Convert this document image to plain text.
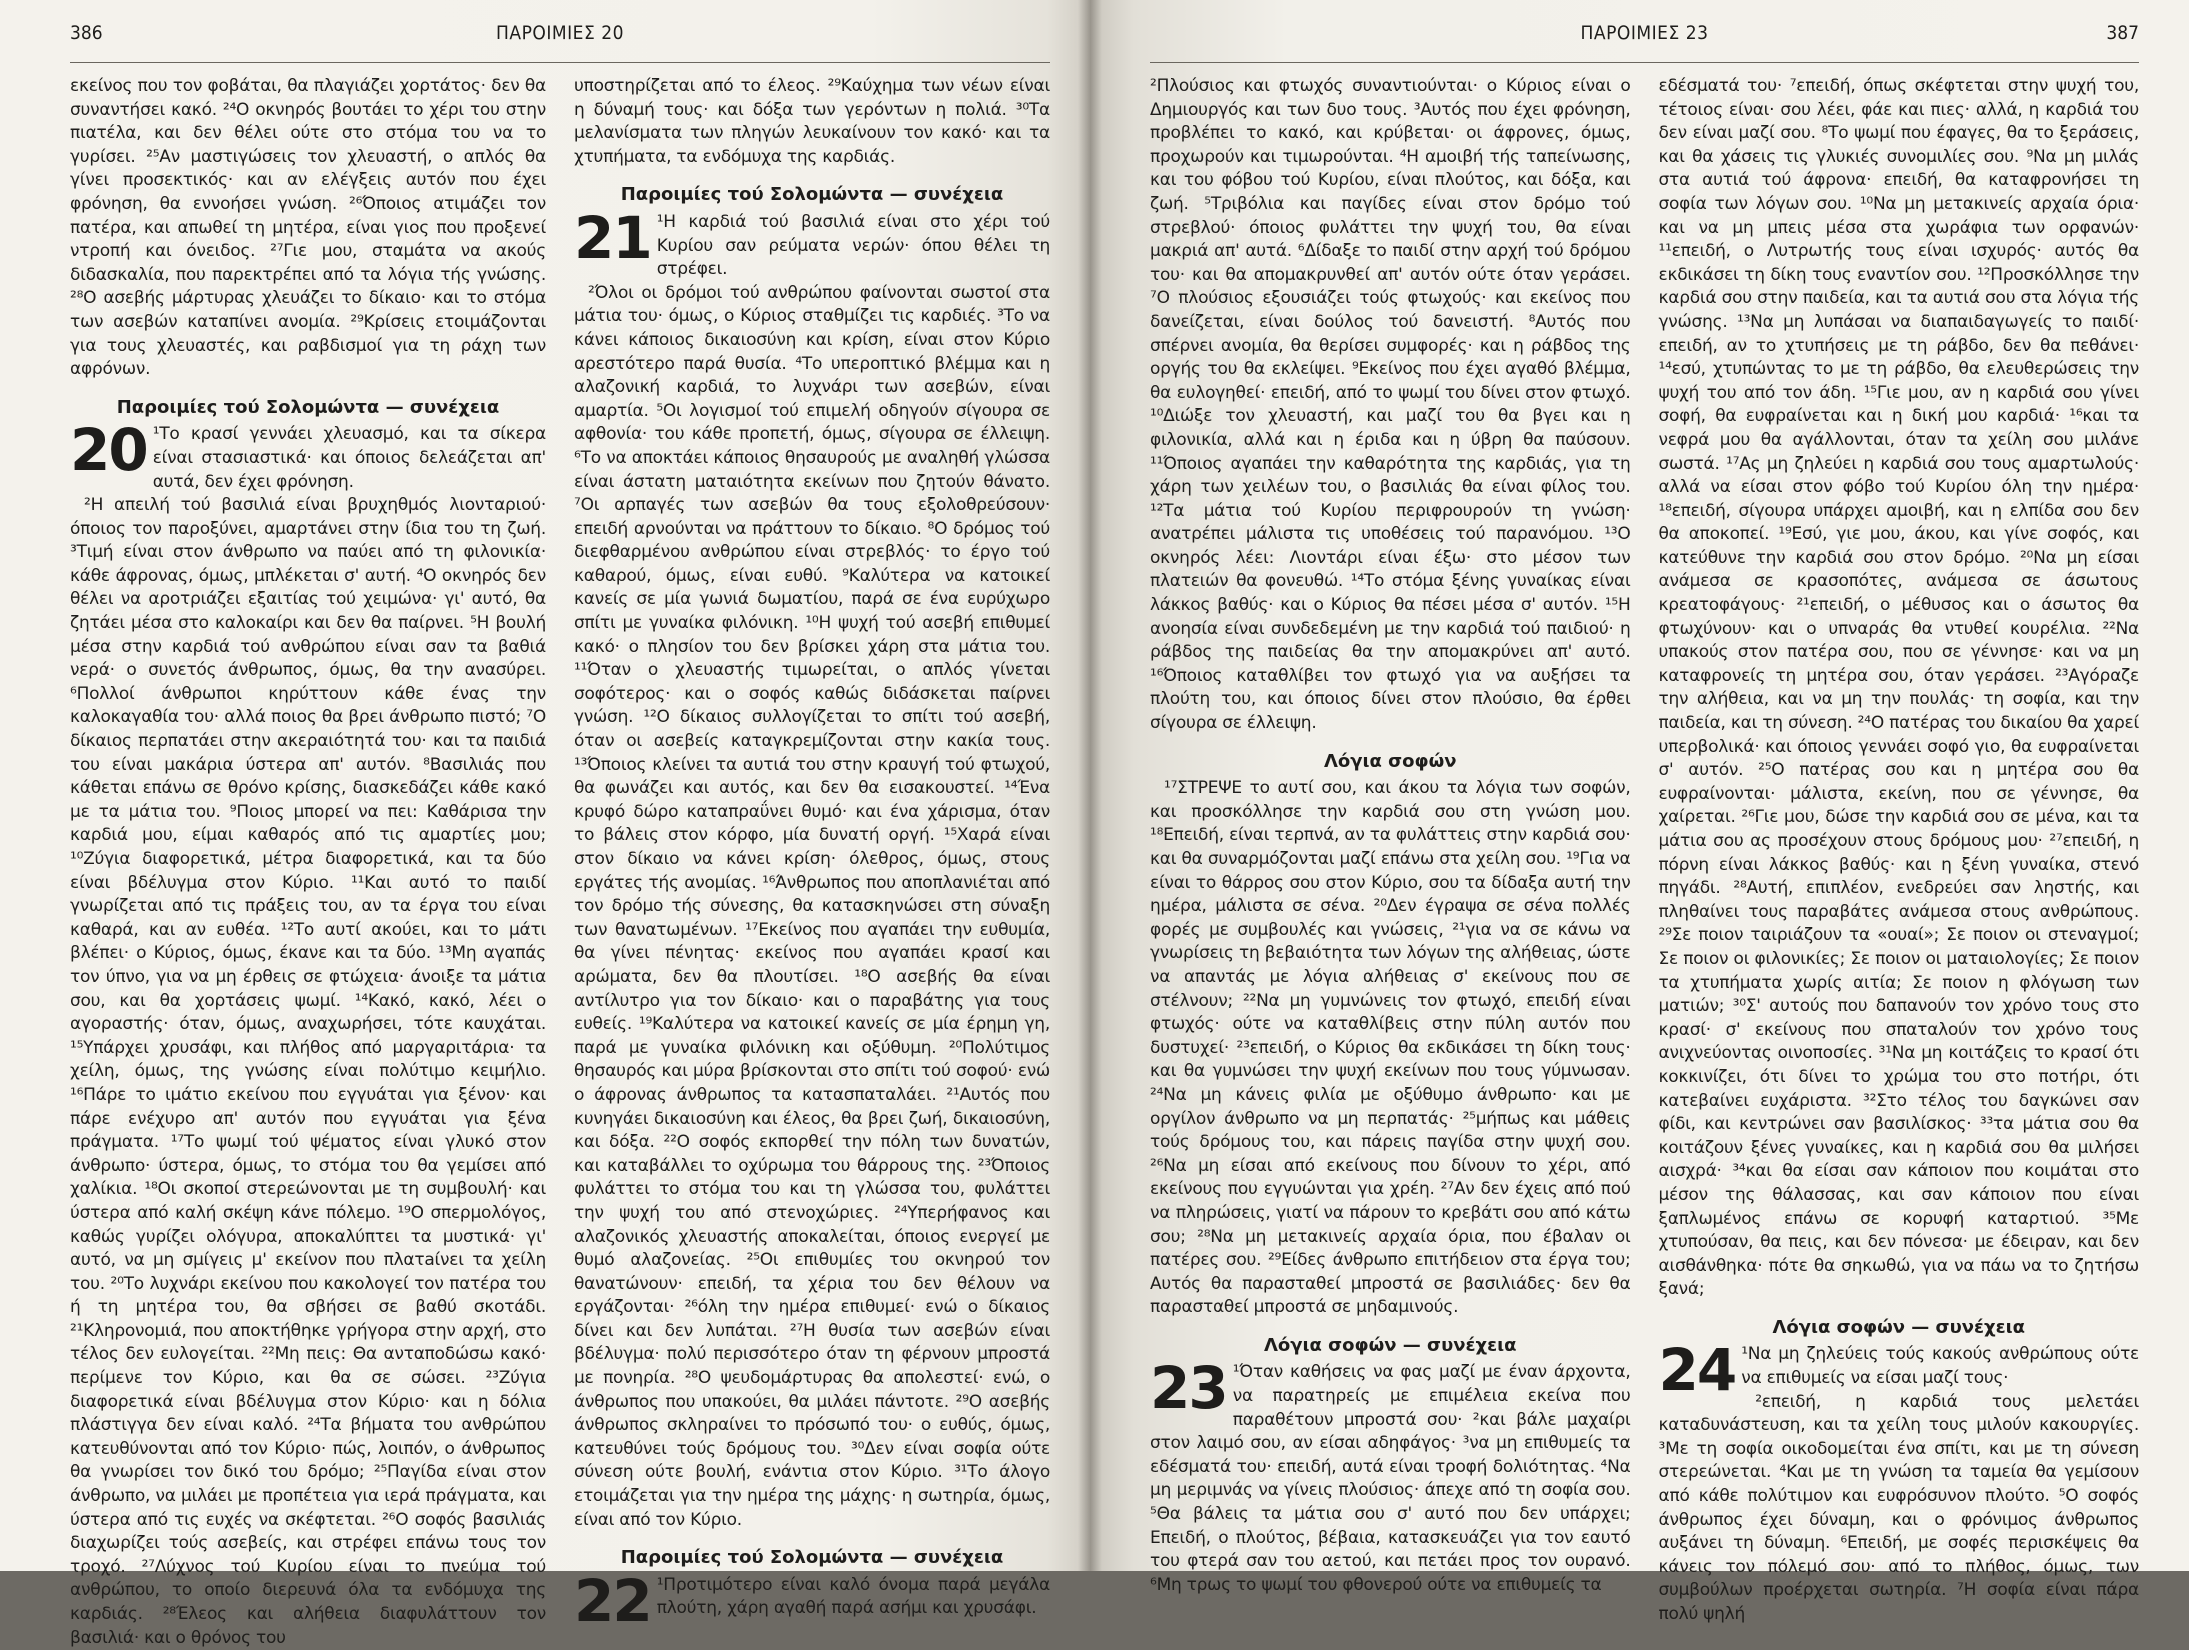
386	ΠΑΡΟΙΜΙΕΣ 20

εκείνος που τον φοβάται, θα πλαγιάζει χορτάτος· δεν θα συναντήσει κακό. ²⁴Ο οκνηρός βουτάει το χέρι του στην πιατέλα, και δεν θέλει ούτε στο στόμα του να το γυρίσει. ²⁵Αν μαστιγώσεις τον χλευαστή, ο απλός θα γίνει προσεκτικός· και αν ελέγξεις αυτόν που έχει φρόνηση, θα εννοήσει γνώση. ²⁶Όποιος ατιμάζει τον πατέρα, και απωθεί τη μητέρα, είναι γιος που προξενεί ντροπή και όνειδος. ²⁷Γιε μου, σταμάτα να ακούς διδασκαλία, που παρεκτρέπει από τα λόγια τής γνώσης. ²⁸Ο ασεβής μάρτυρας χλευάζει το δίκαιο· και το στόμα των ασεβών καταπίνει ανομία. ²⁹Κρίσεις ετοιμάζονται για τους χλευαστές, και ραβδισμοί για τη ράχη των αφρόνων.

Παροιμίες τού Σολομώντα — συνέχεια

20 ¹Το κρασί γεννάει χλευασμό, και τα σίκερα είναι στασιαστικά· και όποιος δελεάζεται απ' αυτά, δεν έχει φρόνηση.

²Η απειλή τού βασιλιά είναι βρυχηθμός λιονταριού· όποιος τον παροξύνει, αμαρτάνει στην ίδια του τη ζωή. ³Τιμή είναι στον άνθρωπο να παύει από τη φιλονικία· κάθε άφρονας, όμως, μπλέκεται σ' αυτή. ⁴Ο οκνηρός δεν θέλει να αροτριάζει εξαιτίας τού χειμώνα· γι' αυτό, θα ζητάει μέσα στο καλοκαίρι και δεν θα παίρνει. ⁵Η βουλή μέσα στην καρδιά τού ανθρώπου είναι σαν τα βαθιά νερά· ο συνετός άνθρωπος, όμως, θα την ανασύρει. ⁶Πολλοί άνθρωποι κηρύττουν κάθε ένας την καλοκαγαθία του· αλλά ποιος θα βρει άνθρωπο πιστό; ⁷Ο δίκαιος περπατάει στην ακεραιότητά του· και τα παιδιά του είναι μακάρια ύστερα απ' αυτόν. ⁸Βασιλιάς που κάθεται επάνω σε θρόνο κρίσης, διασκεδάζει κάθε κακό με τα μάτια του. ⁹Ποιος μπορεί να πει: Καθάρισα την καρδιά μου, είμαι καθαρός από τις αμαρτίες μου; ¹⁰Ζύγια διαφορετικά, μέτρα διαφορετικά, και τα δύο είναι βδέλυγμα στον Κύριο. ¹¹Και αυτό το παιδί γνωρίζεται από τις πράξεις του, αν τα έργα του είναι καθαρά, και αν ευθέα. ¹²Το αυτί ακούει, και το μάτι βλέπει· ο Κύριος, όμως, έκανε και τα δύο. ¹³Μη αγαπάς τον ύπνο, για να μη έρθεις σε φτώχεια· άνοιξε τα μάτια σου, και θα χορτάσεις ψωμί. ¹⁴Κακό, κακό, λέει ο αγοραστής· όταν, όμως, αναχωρήσει, τότε καυχάται. ¹⁵Υπάρχει χρυσάφι, και πλήθος από μαργαριτάρια· τα χείλη, όμως, της γνώσης είναι πολύτιμο κειμήλιο. ¹⁶Πάρε το ιμάτιο εκείνου που εγγυάται για ξένον· και πάρε ενέχυρο απ' αυτόν που εγγυάται για ξένα πράγματα. ¹⁷Το ψωμί τού ψέματος είναι γλυκό στον άνθρωπο· ύστερα, όμως, το στόμα του θα γεμίσει από χαλίκια. ¹⁸Οι σκοποί στερεώνονται με τη συμβουλή· και ύστερα από καλή σκέψη κάνε πόλεμο. ¹⁹Ο σπερμολόγος, καθώς γυρίζει ολόγυρα, αποκαλύπτει τα μυστικά· γι' αυτό, να μη σμίγεις μ' εκείνον που πλατaίνει τα χείλη του. ²⁰Το λυχνάρι εκείνου που κακολογεί τον πατέρα του ή τη μητέρα του, θα σβήσει σε βαθύ σκοτάδι. ²¹Κληρονομιά, που αποκτήθηκε γρήγορα στην αρχή, στο τέλος δεν ευλογείται. ²²Μη πεις: Θα ανταποδώσω κακό· περίμενε τον Κύριο, και θα σε σώσει. ²³Ζύγια διαφορετικά είναι βδέλυγμα στον Κύριο· και η δόλια πλάστιγγα δεν είναι καλό. ²⁴Τα βήματα του ανθρώπου κατευθύνονται από τον Κύριο· πώς, λοιπόν, ο άνθρωπος θα γνωρίσει τον δικό του δρόμο; ²⁵Παγίδα είναι στον άνθρωπο, να μιλάει με προπέτεια για ιερά πράγματα, και ύστερα από τις ευχές να σκέφτεται. ²⁶Ο σοφός βασιλιάς διαχωρίζει τούς ασεβείς, και στρέφει επάνω τους τον τροχό. ²⁷Λύχνος τού Κυρίου είναι το πνεύμα τού ανθρώπου, το οποίο διερευνά όλα τα ενδόμυχα της καρδιάς. ²⁸Έλεος και αλήθεια διαφυλάττουν τον βασιλιά· και ο θρόνος του

υποστηρίζεται από το έλεος. ²⁹Καύχημα των νέων είναι η δύναμή τους· και δόξα των γερόντων η πολιά. ³⁰Τα μελανίσματα των πληγών λευκαίνουν τον κακό· και τα χτυπήματα, τα ενδόμυχα της καρδιάς.

Παροιμίες τού Σολομώντα — συνέχεια

21 ¹Η καρδιά τού βασιλιά είναι στο χέρι τού Κυρίου σαν ρεύματα νερών· όπου θέλει τη στρέφει.

²Όλοι οι δρόμοι τού ανθρώπου φαίνονται σωστοί στα μάτια του· όμως, ο Κύριος σταθμίζει τις καρδιές. ³Το να κάνει κάποιος δικαιοσύνη και κρίση, είναι στον Κύριο αρεστότερο παρά θυσία. ⁴Το υπεροπτικό βλέμμα και η αλαζονική καρδιά, το λυχνάρι των ασεβών, είναι αμαρτία. ⁵Οι λογισμοί τού επιμελή οδηγούν σίγουρα σε αφθονία· του κάθε προπετή, όμως, σίγουρα σε έλλειψη. ⁶Το να αποκτάει κάποιος θησαυρούς με αναληθή γλώσσα είναι άστατη ματαιότητα εκείνων που ζητούν θάνατο. ⁷Οι αρπαγές των ασεβών θα τους εξολοθρεύσουν· επειδή αρνούνται να πράττουν το δίκαιο. ⁸Ο δρόμος τού διεφθαρμένου ανθρώπου είναι στρεβλός· το έργο τού καθαρού, όμως, είναι ευθύ. ⁹Καλύτερα να κατοικεί κανείς σε μία γωνιά δωματίου, παρά σε ένα ευρύχωρο σπίτι με γυναίκα φιλόνικη. ¹⁰Η ψυχή τού ασεβή επιθυμεί κακό· ο πλησίον του δεν βρίσκει χάρη στα μάτια του. ¹¹Όταν ο χλευαστής τιμωρείται, ο απλός γίνεται σοφότερος· και ο σοφός καθώς διδάσκεται παίρνει γνώση. ¹²Ο δίκαιος συλλογίζεται το σπίτι τού ασεβή, όταν οι ασεβείς καταγκρεμίζονται στην κακία τους. ¹³Όποιος κλείνει τα αυτιά του στην κραυγή τού φτωχού, θα φωνάζει και αυτός, και δεν θα εισακουστεί. ¹⁴Ένα κρυφό δώρο καταπραΰνει θυμό· και ένα χάρισμα, όταν το βάλεις στον κόρφο, μία δυνατή οργή. ¹⁵Χαρά είναι στον δίκαιο να κάνει κρίση· όλεθρος, όμως, στους εργάτες τής ανομίας. ¹⁶Άνθρωπος που αποπλανιέται από τον δρόμο τής σύνεσης, θα κατασκηνώσει στη σύναξη των θανατωμένων. ¹⁷Εκείνος που αγαπάει την ευθυμία, θα γίνει πένητας· εκείνος που αγαπάει κρασί και αρώματα, δεν θα πλουτίσει. ¹⁸Ο ασεβής θα είναι αντίλυτρο για τον δίκαιο· και ο παραβάτης για τους ευθείς. ¹⁹Καλύτερα να κατοικεί κανείς σε μία έρημη γη, παρά με γυναίκα φιλόνικη και οξύθυμη. ²⁰Πολύτιμος θησαυρός και μύρα βρίσκονται στο σπίτι τού σοφού· ενώ ο άφρονας άνθρωπος τα κατασπαταλάει. ²¹Αυτός που κυνηγάει δικαιοσύνη και έλεος, θα βρει ζωή, δικαιοσύνη, και δόξα. ²²Ο σοφός εκπορθεί την πόλη των δυνατών, και καταβάλλει το οχύρωμα του θάρρους της. ²³Όποιος φυλάττει το στόμα του και τη γλώσσα του, φυλάττει την ψυχή του από στενοχώριες. ²⁴Υπερήφανος και αλαζονικός χλευαστής αποκαλείται, όποιος ενεργεί με θυμό αλαζονείας. ²⁵Οι επιθυμίες του οκνηρού τον θανατώνουν· επειδή, τα χέρια του δεν θέλουν να εργάζονται· ²⁶όλη την ημέρα επιθυμεί· ενώ ο δίκαιος δίνει και δεν λυπάται. ²⁷Η θυσία των ασεβών είναι βδέλυγμα· πολύ περισσότερο όταν τη φέρνουν μπροστά με πονηρία. ²⁸Ο ψευδομάρτυρας θα απολεστεί· ενώ, ο άνθρωπος που υπακούει, θα μιλάει πάντοτε. ²⁹Ο ασεβής άνθρωπος σκληραίνει το πρόσωπό του· ο ευθύς, όμως, κατευθύνει τούς δρόμους του. ³⁰Δεν είναι σοφία ούτε σύνεση ούτε βουλή, ενάντια στον Κύριο. ³¹Το άλογο ετοιμάζεται για την ημέρα της μάχης· η σωτηρία, όμως, είναι από τον Κύριο.

Παροιμίες τού Σολομώντα — συνέχεια

22 ¹Προτιμότερο είναι καλό όνομα παρά μεγάλα πλούτη, χάρη αγαθή παρά ασήμι και χρυσάφι.

ΠΑΡΟΙΜΙΕΣ 23	387

²Πλούσιος και φτωχός συναντιούνται· ο Κύριος είναι ο Δημιουργός και των δυο τους. ³Αυτός που έχει φρόνηση, προβλέπει το κακό, και κρύβεται· οι άφρονες, όμως, προχωρούν και τιμωρούνται. ⁴Η αμοιβή τής ταπείνωσης, και του φόβου τού Κυρίου, είναι πλούτος, και δόξα, και ζωή. ⁵Τριβόλια και παγίδες είναι στον δρόμο τού στρεβλού· όποιος φυλάττει την ψυχή του, θα είναι μακριά απ' αυτά. ⁶Δίδαξε το παιδί στην αρχή τού δρόμου του· και θα απομακρυνθεί απ' αυτόν ούτε όταν γεράσει. ⁷Ο πλούσιος εξουσιάζει τούς φτωχούς· και εκείνος που δανείζεται, είναι δούλος τού δανειστή. ⁸Αυτός που σπέρνει ανομία, θα θερίσει συμφορές· και η ράβδος της οργής του θα εκλείψει. ⁹Εκείνος που έχει αγαθό βλέμμα, θα ευλογηθεί· επειδή, από το ψωμί του δίνει στον φτωχό. ¹⁰Διώξε τον χλευαστή, και μαζί του θα βγει και η φιλονικία, αλλά και η έριδα και η ύβρη θα παύσουν. ¹¹Όποιος αγαπάει την καθαρότητα της καρδιάς, για τη χάρη των χειλέων του, ο βασιλιάς θα είναι φίλος του. ¹²Τα μάτια τού Κυρίου περιφρουρούν τη γνώση· ανατρέπει μάλιστα τις υποθέσεις τού παρανόμου. ¹³Ο οκνηρός λέει: Λιοντάρι είναι έξω· στο μέσον των πλατειών θα φονευθώ. ¹⁴Το στόμα ξένης γυναίκας είναι λάκκος βαθύς· και ο Κύριος θα πέσει μέσα σ' αυτόν. ¹⁵Η ανοησία είναι συνδεδεμένη με την καρδιά τού παιδιού· η ράβδος της παιδείας θα την απομακρύνει απ' αυτό. ¹⁶Όποιος καταθλίβει τον φτωχό για να αυξήσει τα πλούτη του, και όποιος δίνει στον πλούσιο, θα έρθει σίγουρα σε έλλειψη.

Λόγια σοφών

¹⁷ΣΤΡΕΨΕ το αυτί σου, και άκου τα λόγια των σοφών, και προσκόλλησε την καρδιά σου στη γνώση μου. ¹⁸Επειδή, είναι τερπνά, αν τα φυλάττεις στην καρδιά σου· και θα συναρμόζονται μαζί επάνω στα χείλη σου. ¹⁹Για να είναι το θάρρος σου στον Κύριο, σου τα δίδαξα αυτή την ημέρα, μάλιστα σε σένα. ²⁰Δεν έγραψα σε σένα πολλές φορές με συμβουλές και γνώσεις, ²¹για να σε κάνω να γνωρίσεις τη βεβαιότητα των λόγων της αλήθειας, ώστε να απαντάς με λόγια αλήθειας σ' εκείνους που σε στέλνουν; ²²Να μη γυμνώνεις τον φτωχό, επειδή είναι φτωχός· ούτε να καταθλίβεις στην πύλη αυτόν που δυστυχεί· ²³επειδή, ο Κύριος θα εκδικάσει τη δίκη τους· και θα γυμνώσει την ψυχή εκείνων που τους γύμνωσαν. ²⁴Να μη κάνεις φιλία με οξύθυμο άνθρωπο· και με οργίλον άνθρωπο να μη περπατάς· ²⁵μήπως και μάθεις τούς δρόμους του, και πάρεις παγίδα στην ψυχή σου. ²⁶Να μη είσαι από εκείνους που δίνουν το χέρι, από εκείνους που εγγυώνται για χρέη. ²⁷Αν δεν έχεις από πού να πληρώσεις, γιατί να πάρουν το κρεβάτι σου από κάτω σου; ²⁸Να μη μετακινείς αρχαία όρια, που έβαλαν οι πατέρες σου. ²⁹Είδες άνθρωπο επιτήδειον στα έργα του; Αυτός θα παρασταθεί μπροστά σε βασιλιάδες· δεν θα παρασταθεί μπροστά σε μηδαμινούς.

Λόγια σοφών — συνέχεια

23 ¹Όταν καθήσεις να φας μαζί με έναν άρχοντα, να παρατηρείς με επιμέλεια εκείνα που παραθέτουν μπροστά σου· ²και βάλε μαχαίρι στον λαιμό σου, αν είσαι αδηφάγος· ³να μη επιθυμείς τα εδέσματά του· επειδή, αυτά είναι τροφή δολιότητας. ⁴Να μη μεριμνάς να γίνεις πλούσιος· άπεχε από τη σοφία σου. ⁵Θα βάλεις τα μάτια σου σ' αυτό που δεν υπάρχει; Επειδή, ο πλούτος, βέβαια, κατασκευάζει για τον εαυτό του φτερά σαν του αετού, και πετάει προς τον ουρανό. ⁶Μη τρως το ψωμί του φθονερού ούτε να επιθυμείς τα

εδέσματά του· ⁷επειδή, όπως σκέφτεται στην ψυχή του, τέτοιος είναι· σου λέει, φάε και πιες· αλλά, η καρδιά του δεν είναι μαζί σου. ⁸Το ψωμί που έφαγες, θα το ξεράσεις, και θα χάσεις τις γλυκιές συνομιλίες σου. ⁹Να μη μιλάς στα αυτιά τού άφρονα· επειδή, θα καταφρονήσει τη σοφία των λόγων σου. ¹⁰Να μη μετακινείς αρχαία όρια· και να μη μπεις μέσα στα χωράφια των ορφανών· ¹¹επειδή, ο Λυτρωτής τους είναι ισχυρός· αυτός θα εκδικάσει τη δίκη τους εναντίον σου. ¹²Προσκόλλησε την καρδιά σου στην παιδεία, και τα αυτιά σου στα λόγια τής γνώσης. ¹³Να μη λυπάσαι να διαπαιδαγωγείς το παιδί· επειδή, αν το χτυπήσεις με τη ράβδο, δεν θα πεθάνει· ¹⁴εσύ, χτυπώντας το με τη ράβδο, θα ελευθερώσεις την ψυχή του από τον άδη. ¹⁵Γιε μου, αν η καρδιά σου γίνει σοφή, θα ευφραίνεται και η δική μου καρδιά· ¹⁶και τα νεφρά μου θα αγάλλονται, όταν τα χείλη σου μιλάνε σωστά. ¹⁷Ας μη ζηλεύει η καρδιά σου τους αμαρτωλούς· αλλά να είσαι στον φόβο τού Κυρίου όλη την ημέρα· ¹⁸επειδή, σίγουρα υπάρχει αμοιβή, και η ελπίδα σου δεν θα αποκοπεί. ¹⁹Εσύ, γιε μου, άκου, και γίνε σοφός, και κατεύθυνε την καρδιά σου στον δρόμο. ²⁰Να μη είσαι ανάμεσα σε κρασοπότες, ανάμεσα σε άσωτους κρεατοφάγους· ²¹επειδή, ο μέθυσος και ο άσωτος θα φτωχύνουν· και ο υπναράς θα ντυθεί κουρέλια. ²²Να υπακούς στον πατέρα σου, που σε γέννησε· και να μη καταφρονείς τη μητέρα σου, όταν γεράσει. ²³Αγόραζε την αλήθεια, και να μη την πουλάς· τη σοφία, και την παιδεία, και τη σύνεση. ²⁴Ο πατέρας του δικαίου θα χαρεί υπερβολικά· και όποιος γεννάει σοφό γιο, θα ευφραίνεται σ' αυτόν. ²⁵Ο πατέρας σου και η μητέρα σου θα ευφραίνονται· μάλιστα, εκείνη, που σε γέννησε, θα χαίρεται. ²⁶Γιε μου, δώσε την καρδιά σου σε μένα, και τα μάτια σου ας προσέχουν στους δρόμους μου· ²⁷επειδή, η πόρνη είναι λάκκος βαθύς· και η ξένη γυναίκα, στενό πηγάδι. ²⁸Αυτή, επιπλέον, ενεδρεύει σαν ληστής, και πληθαίνει τους παραβάτες ανάμεσα στους ανθρώπους. ²⁹Σε ποιον ταιριάζουν τα «ουαί»; Σε ποιον οι στεναγμοί; Σε ποιον οι φιλονικίες; Σε ποιον οι ματαιολογίες; Σε ποιον τα χτυπήματα χωρίς αιτία; Σε ποιον η φλόγωση των ματιών; ³⁰Σ' αυτούς που δαπανούν τον χρόνο τους στο κρασί· σ' εκείνους που σπαταλούν τον χρόνο τους ανιχνεύοντας οινοποσίες. ³¹Να μη κοιτάζεις το κρασί ότι κοκκινίζει, ότι δίνει το χρώμα του στο ποτήρι, ότι κατεβαίνει ευχάριστα. ³²Στο τέλος του δαγκώνει σαν φίδι, και κεντρώνει σαν βασιλίσκος· ³³τα μάτια σου θα κοιτάζουν ξένες γυναίκες, και η καρδιά σου θα μιλήσει αισχρά· ³⁴και θα είσαι σαν κάποιον που κοιμάται στο μέσον της θάλασσας, και σαν κάποιον που είναι ξαπλωμένος επάνω σε κορυφή καταρτιού. ³⁵Με χτυπούσαν, θα πεις, και δεν πόνεσα· με έδειραν, και δεν αισθάνθηκα· πότε θα σηκωθώ, για να πάω να το ζητήσω ξανά;

Λόγια σοφών — συνέχεια

24 ¹Να μη ζηλεύεις τούς κακούς ανθρώπους ούτε να επιθυμείς να είσαι μαζί τους·

²επειδή, η καρδιά τους μελετάει καταδυνάστευση, και τα χείλη τους μιλούν κακουργίες. ³Με τη σοφία οικοδομείται ένα σπίτι, και με τη σύνεση στερεώνεται. ⁴Και με τη γνώση τα ταμεία θα γεμίσουν από κάθε πολύτιμον και ευφρόσυνον πλούτο. ⁵Ο σοφός άνθρωπος έχει δύναμη, και ο φρόνιμος άνθρωπος αυξάνει τη δύναμη. ⁶Επειδή, με σοφές περισκέψεις θα κάνεις τον πόλεμό σου· από το πλήθος, όμως, των συμβούλων προέρχεται σωτηρία. ⁷Η σοφία είναι πάρα πολύ ψηλή
